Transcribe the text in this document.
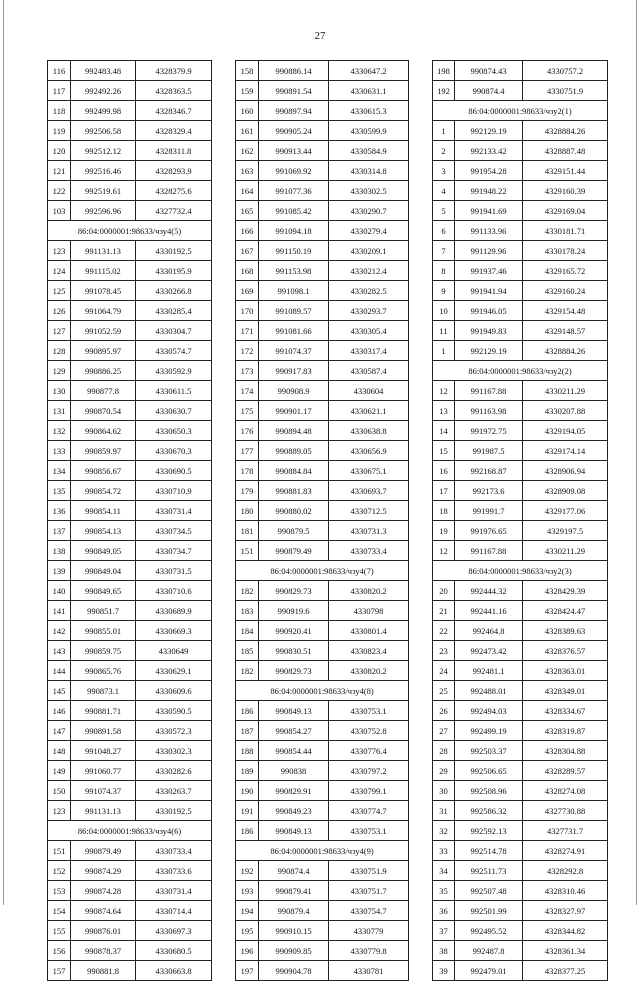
27
116	992483.48	4328379.9
117	992492.26	4328363.5
118	992499.98	4328346.7
119	992506.58	4328329.4
120	992512.12	4328311.8
121	992516.46	4328293.9
122	992519.61	4328275.6
103	992596.96	4327732.4
86:04:0000001:98633/чзу4(5)		
123	991131.13	4330192.5
124	991115.02	4330195.9
125	991078.45	4330266.8
126	991064.79	4330285.4
127	991052.59	4330304.7
128	990895.97	4330574.7
129	990886.25	4330592.9
130	990877.8	4330611.5
131	990870.54	4330630.7
132	990864.62	4330650.3
133	990859.97	4330670.3
134	990856.67	4330690.5
135	990854.72	4330710.9
136	990854.11	4330731.4
137	990854.13	4330734.5
138	990849.05	4330734.7
139	990849.04	4330731.5
140	990849.65	4330710.6
141	990851.7	4330689.9
142	990855.01	4330669.3
143	990859.75	4330649
144	990865.76	4330629.1
145	990873.1	4330609.6
146	990881.71	4330590.5
147	990891.58	4330572.3
148	991048.27	4330302.3
149	991060.77	4330282.6
150	991074.37	4330263.7
123	991131.13	4330192.5
86:04:0000001:98633/чзу4(6)		
151	990879.49	4330733.4
152	990874.29	4330733.6
153	990874.28	4330731.4
154	990874.64	4330714.4
155	990876.01	4330697.3
156	990878.37	4330680.5
157	990881.8	4330663.8
158	990886.14	4330647.2
159	990891.54	4330631.1
160	990897.94	4330615.3
161	990905.24	4330599.9
162	990913.44	4330584.9
163	991069.92	4330314.8
164	991077.36	4330302.5
165	991085.42	4330290.7
166	991094.18	4330279.4
167	991150.19	4330209.1
168	991153.98	4330212.4
169	991098.1	4330282.5
170	991089.57	4330293.7
171	991081.66	4330305.4
172	991074.37	4330317.4
173	990917.83	4330587.4
174	990908.9	4330604
175	990901.17	4330621.1
176	990894.48	4330638.8
177	990889.05	4330656.9
178	990884.84	4330675.1
179	990881.83	4330693.7
180	990880.02	4330712.5
181	990879.5	4330731.3
151	990879.49	4330733.4
86:04:0000001:98633/чзу4(7)		
182	990829.73	4330820.2
183	990919.6	4330798
184	990920.41	4330801.4
185	990830.51	4330823.4
182	990829.73	4330820.2
86:04:0000001:98633/чзу4(8)		
186	990849.13	4330753.1
187	990854.27	4330752.8
188	990854.44	4330776.4
189	990838	4330797.2
190	990829.91	4330799.1
191	990849.23	4330774.7
186	990849.13	4330753.1
86:04:0000001:98633/чзу4(9)		
192	990874.4	4330751.9
193	990879.41	4330751.7
194	990879.4	4330754.7
195	990910.15	4330779
196	990909.85	4330779.8
197	990904.78	4330781
198	990874.43	4330757.2
192	990874.4	4330751.9
86:04:0000001:98633/чзу2(1)		
1	992129.19	4328884.26
2	992133.42	4328887.48
3	991954.28	4329151.44
4	991948.22	4329160.39
5	991941.69	4329169.04
6	991133.96	4330181.71
7	991129.96	4330178.24
8	991937.46	4329165.72
9	991941.94	4329160.24
10	991946.05	4329154.48
11	991949.83	4329148.57
1	992129.19	4328884.26
86:04:0000001:98633/чзу2(2)		
12	991167.88	4330211.29
13	991163.98	4330207.88
14	991972.75	4329194.05
15	991987.5	4329174.14
16	992168.87	4328906.94
17	992173.6	4328909.08
18	991991.7	4329177.06
19	991976.65	4329197.5
12	991167.88	4330211.29
86:04:0000001:98633/чзу2(3)		
20	992444.32	4328429.39
21	992441.16	4328424.47
22	992464.8	4328389.63
23	992473.42	4328376.57
24	992481.1	4328363.01
25	992488.01	4328349.01
26	992494.03	4328334.67
27	992499.19	4328319.87
28	992503.37	4328304.88
29	992506.65	4328289.57
30	992508.96	4328274.08
31	992586.32	4327730.88
32	992592.13	4327731.7
33	992514.78	4328274.91
34	992511.73	4328292.8
35	992507.48	4328310.46
36	992501.99	4328327.97
37	992495.52	4328344.82
38	992487.8	4328361.34
39	992479.01	4328377.25
